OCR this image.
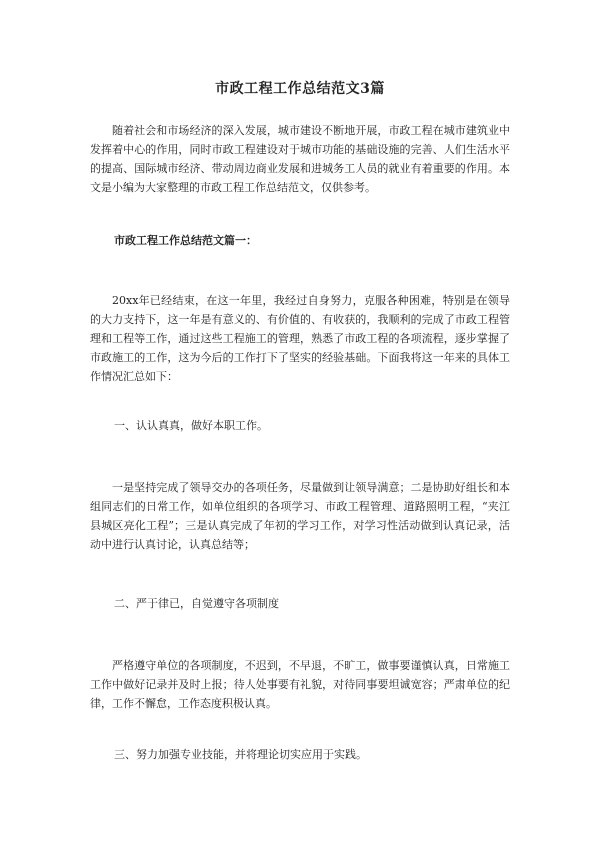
市政工程工作总结范文3篇

随着社会和市场经济的深入发展，城市建设不断地开展，市政工程在城市建筑业中发挥着中心的作用，同时市政工程建设对于城市功能的基础设施的完善、人们生活水平的提高、国际城市经济、带动周边商业发展和进城务工人员的就业有着重要的作用。本文是小编为大家整理的市政工程工作总结范文，仅供参考。

市政工程工作总结范文篇一：

20xx年已经结束，在这一年里，我经过自身努力，克服各种困难，特别是在领导的大力支持下，这一年是有意义的、有价值的、有收获的，我顺利的完成了市政工程管理和工程等工作，通过这些工程施工的管理，熟悉了市政工程的各项流程，逐步掌握了市政施工的工作，这为今后的工作打下了坚实的经验基础。下面我将这一年来的具体工作情况汇总如下：

一、认认真真，做好本职工作。

一是坚持完成了领导交办的各项任务，尽量做到让领导满意；二是协助好组长和本组同志们的日常工作，如单位组织的各项学习、市政工程管理、道路照明工程，“夹江县城区亮化工程”；三是认真完成了年初的学习工作，对学习性活动做到认真记录，活动中进行认真讨论，认真总结等；

二、严于律已，自觉遵守各项制度

严格遵守单位的各项制度，不迟到，不早退，不旷工，做事要谨慎认真，日常施工工作中做好记录并及时上报；待人处事要有礼貌，对待同事要坦诚宽容；严肃单位的纪律，工作不懈怠，工作态度积极认真。

三、努力加强专业技能，并将理论切实应用于实践。
